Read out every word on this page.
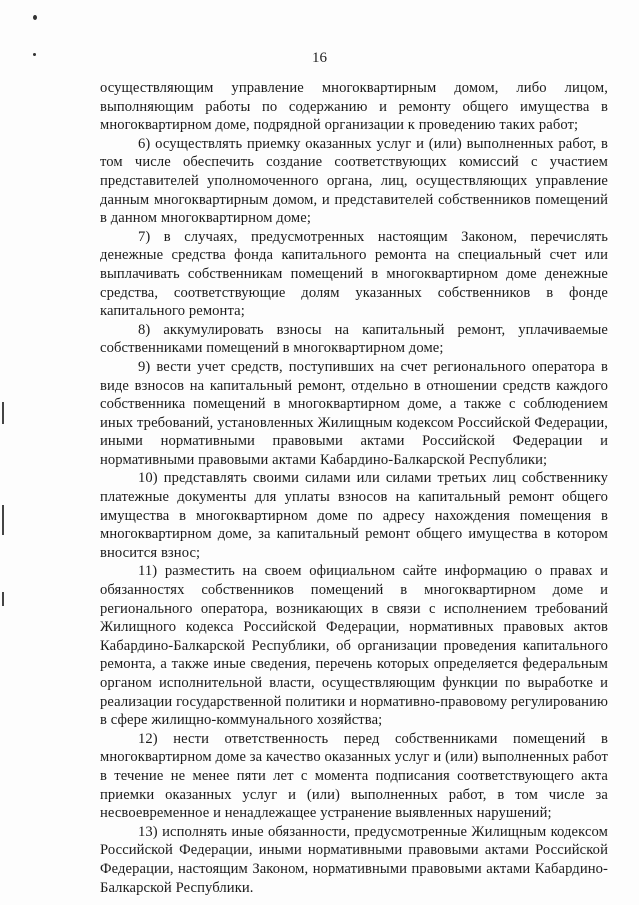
16

осуществляющим управление многоквартирным домом, либо лицом, выполняющим работы по содержанию и ремонту общего имущества в многоквартирном доме, подрядной организации к проведению таких работ;

6) осуществлять приемку оказанных услуг и (или) выполненных работ, в том числе обеспечить создание соответствующих комиссий с участием представителей уполномоченного органа, лиц, осуществляющих управление данным многоквартирным домом, и представителей собственников помещений в данном многоквартирном доме;

7) в случаях, предусмотренных настоящим Законом, перечислять денежные средства фонда капитального ремонта на специальный счет или выплачивать собственникам помещений в многоквартирном доме денежные средства, соответствующие долям указанных собственников в фонде капитального ремонта;

8) аккумулировать взносы на капитальный ремонт, уплачиваемые собственниками помещений в многоквартирном доме;

9) вести учет средств, поступивших на счет регионального оператора в виде взносов на капитальный ремонт, отдельно в отношении средств каждого собственника помещений в многоквартирном доме, а также с соблюдением иных требований, установленных Жилищным кодексом Российской Федерации, иными нормативными правовыми актами Российской Федерации и нормативными правовыми актами Кабардино-Балкарской Республики;

10) представлять своими силами или силами третьих лиц собственнику платежные документы для уплаты взносов на капитальный ремонт общего имущества в многоквартирном доме по адресу нахождения помещения в многоквартирном доме, за капитальный ремонт общего имущества в котором вносится взнос;

11) разместить на своем официальном сайте информацию о правах и обязанностях собственников помещений в многоквартирном доме и регионального оператора, возникающих в связи с исполнением требований Жилищного кодекса Российской Федерации, нормативных правовых актов Кабардино-Балкарской Республики, об организации проведения капитального ремонта, а также иные сведения, перечень которых определяется федеральным органом исполнительной власти, осуществляющим функции по выработке и реализации государственной политики и нормативно-правовому регулированию в сфере жилищно-коммунального хозяйства;

12) нести ответственность перед собственниками помещений в многоквартирном доме за качество оказанных услуг и (или) выполненных работ в течение не менее пяти лет с момента подписания соответствующего акта приемки оказанных услуг и (или) выполненных работ, в том числе за несвоевременное и ненадлежащее устранение выявленных нарушений;

13) исполнять иные обязанности, предусмотренные Жилищным кодексом Российской Федерации, иными нормативными правовыми актами Российской Федерации, настоящим Законом, нормативными правовыми актами Кабардино-Балкарской Республики.
